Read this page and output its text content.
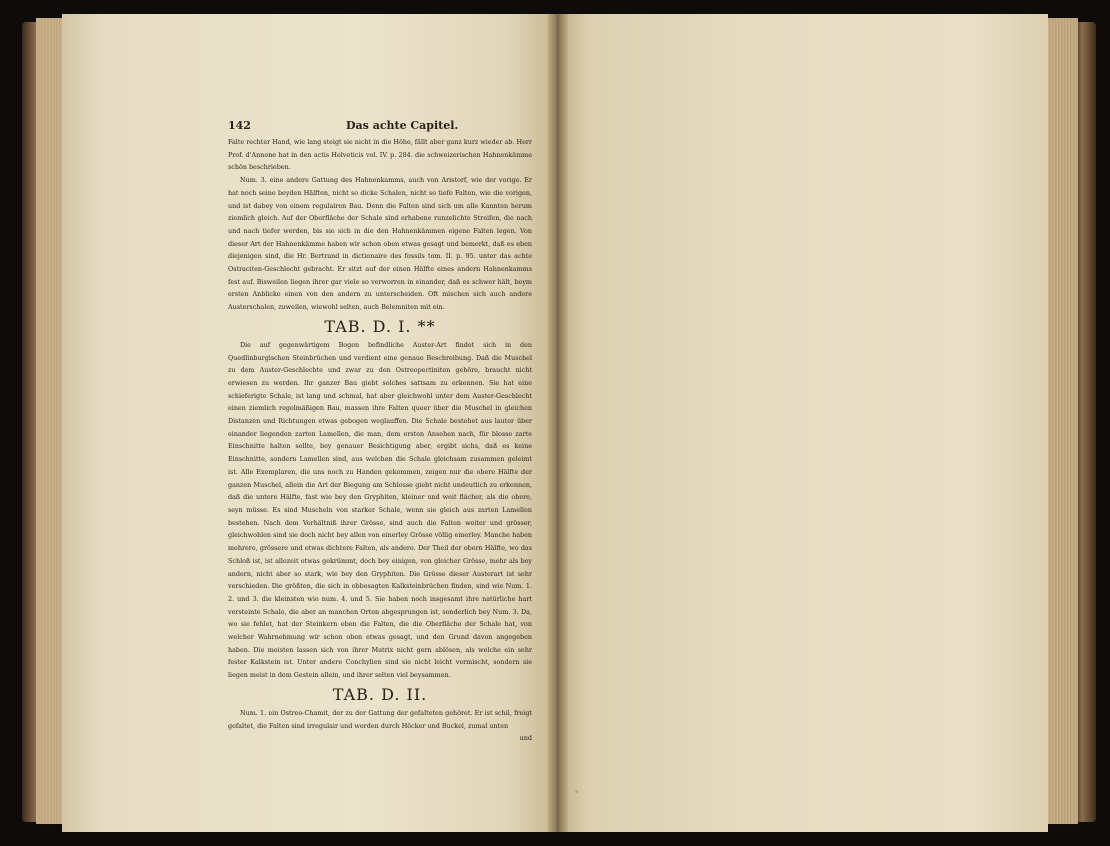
142	Das achte Capitel.

Falte rechter Hand, wie lang steigt sie nicht in die Höhe, fällt aber ganz kurz wieder ab. Herr Prof. d'Annone hat in den actis Helveticis vol. IV. p. 284. die schweizerischen Hahnenkämme schön beschrieben.

Num. 3. eine andere Gattung des Hahnenkamms, auch von Aristorf, wie der vorige. Er hat noch seine beyden Hälften, nicht so dicke Schalen, nicht so tiefe Falten, wie die vorigen, und ist dabey von einem regulairen Bau. Denn die Falten sind sich um alle Kannten herum ziemlich gleich. Auf der Oberfläche der Schale sind erhabene runzelichte Streifen, die nach und nach tiefer werden, bis sie sich in die den Hahnenkämmen eigene Falten legen. Von dieser Art der Hahnenkämme haben wir schon oben etwas gesagt und bemerkt, daß es eben diejenigen sind, die Hr. Bertrand in dictionaire des fossils tom. II. p. 95. unter das achte Ostraciten-Geschlecht gebracht. Er sitzt auf der einen Hälfte eines andern Hahnenkamms fest auf. Bisweilen liegen ihrer gar viele so verworren in einander, daß es schwer hält, beym ersten Anblicke einen von den andern zu unterscheiden. Oft mischen sich auch andere Austerschalen, zuweilen, wiewohl selten, auch Belemniten mit ein.

TAB. D. I. **

Die auf gegenwärtigem Bogen befindliche Auster-Art findet sich in den Quedlinburgischen Steinbrüchen und verdient eine genaue Beschreibung. Daß die Muschel zu dem Auster-Geschlechte und zwar zu den Ostreopectiniten gehöre, braucht nicht erwiesen zu werden. Ihr ganzer Bau giebt solches sattsam zu erkennen. Sie hat eine schieferigte Schale, ist lang und schmal, hat aber gleichwohl unter dem Auster-Geschlecht einen ziemlich regelmäßigen Bau, massen ihre Falten queer über die Muschel in gleichen Distanzen und Richtungen etwas gebogen weglauffen. Die Schale bestehet aus lauter über einander liegenden zarten Lamellen, die man, dem ersten Ansehen nach, für blosse zarte Einschnitte halten sollte, bey genauer Besichtigung aber, ergibt sichs, daß es keine Einschnitte, sondern Lamellen sind, aus welchen die Schale gleichsam zusammen geleimt ist. Alle Exemplaren, die uns noch zu Handen gekommen, zeigen nur die obere Hälfte der ganzen Muschel, allein die Art der Biegung am Schlosse giebt nicht undeutlich zu erkennen, daß die untere Hälfte, fast wie bey den Gryphiten, kleiner und weit flächer, als die obere, seyn müsse. Es sind Muscheln von starker Schale, wenn sie gleich aus zarten Lamellen bestehen. Nach dem Verhältniß ihrer Grösse, sind auch die Falten weiter und grösser, gleichwohlen sind sie doch nicht bey allen von einerley Grösse völlig einerley. Manche haben mehrere, grössere und etwas dichtere Falten, als andere. Der Theil der obern Hälfte, wo das Schloß ist, ist allezeit etwas gekrümmt, doch bey einigen, von gleicher Grösse, mehr als bey andern, nicht aber so stark, wie bey den Gryphiten. Die Grösse dieser Austerart ist sehr verschieden. Die größten, die sich in obbesagten Kalksteinbrüchen finden, sind wie Num. 1. 2. und 3. die kleinsten wie num. 4. und 5. Sie haben noch insgesamt ihre natürliche hart versteinte Schale, die aber an manchen Orten abgesprungen ist, sonderlich bey Num. 3. Da, wo sie fehlet, hat der Steinkern eben die Falten, die die Oberfläche der Schale hat, von welcher Wahrnehmung wir schon oben etwas gesagt, und den Grund davon angegeben haben. Die meisten lassen sich von ihrer Matrix nicht gern ablösen, als welche ein sehr fester Kalkstein ist. Unter andere Conchylien sind sie nicht leicht vermischt, sondern sie liegen meist in dem Gestein allein, und ihrer selten viel beysammen.

TAB. D. II.

Num. 1. ein Ostreo-Chamit, der zu der Gattung der gefalteten gehöret. Er ist schil, freigt gefaltet, die Falten sind irregulair und werden durch Höcker und Buckel, zumal unten

und
